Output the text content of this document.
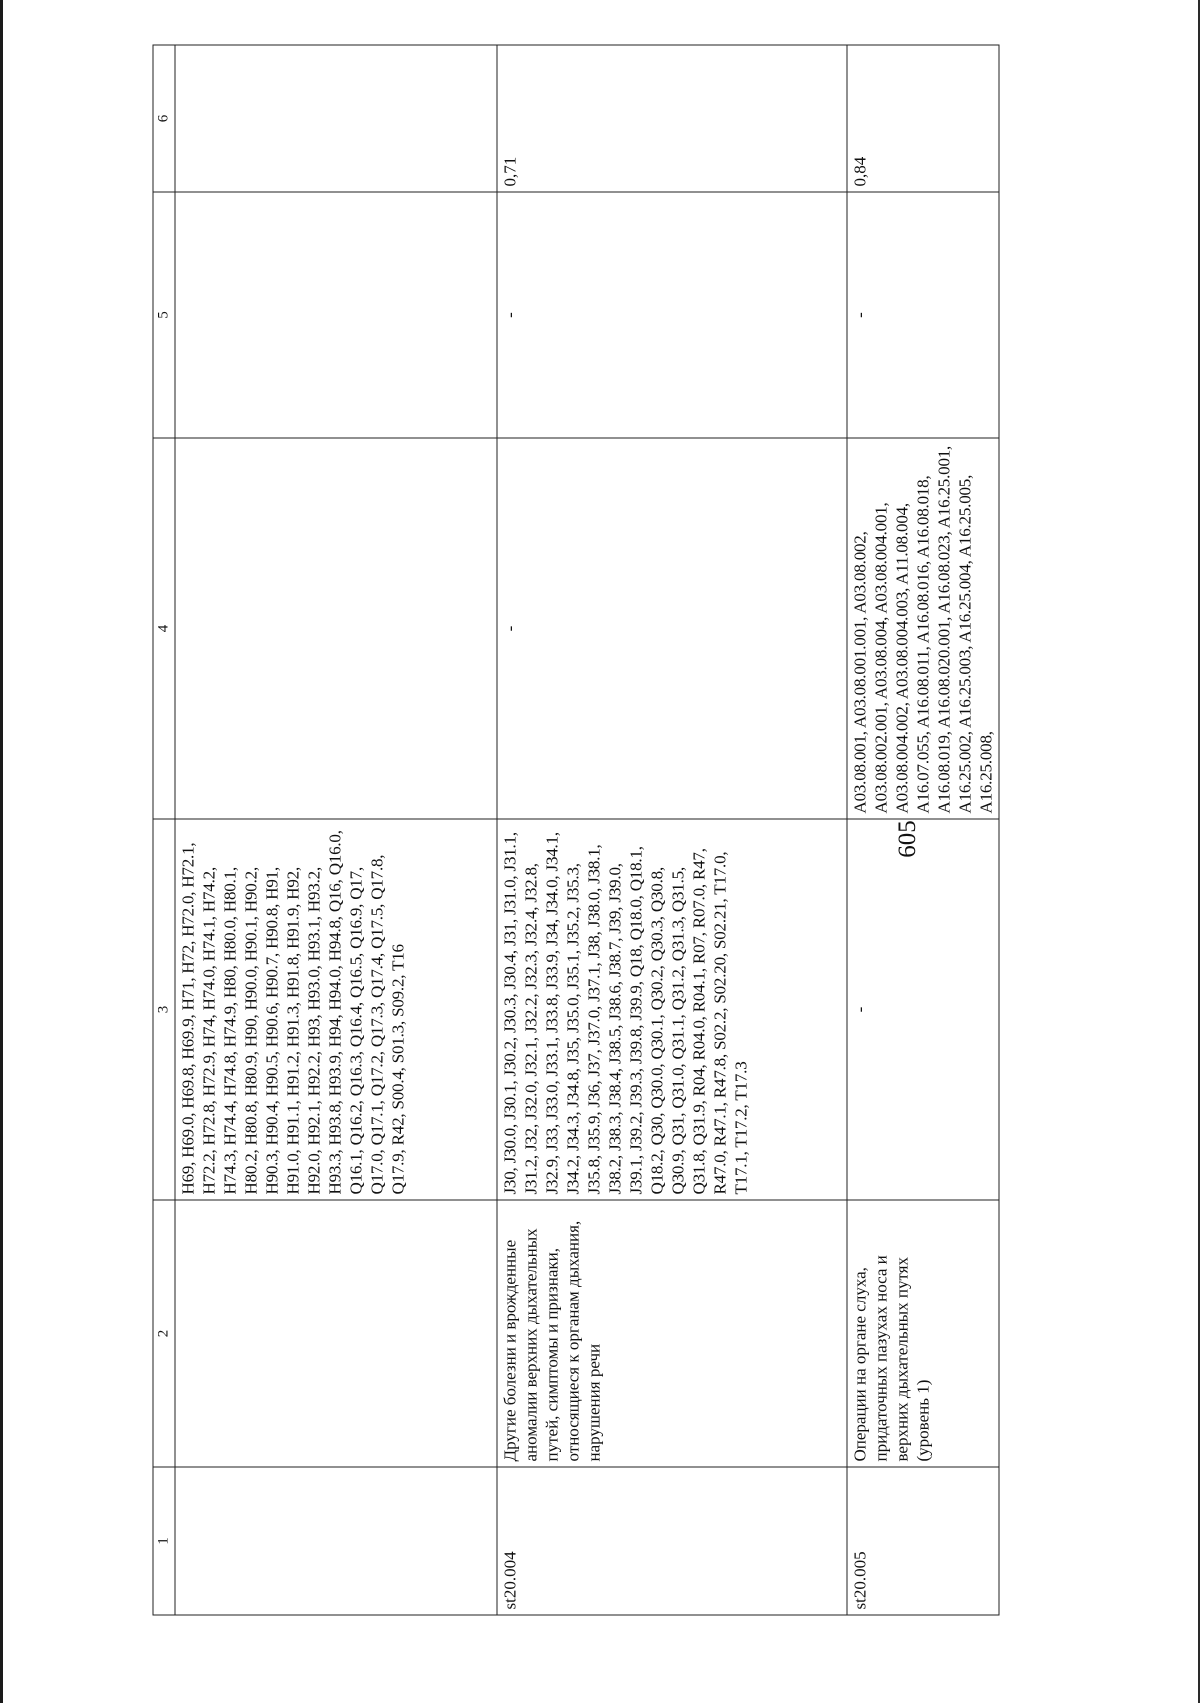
605
1	2	3	4	5	6
		H69, H69.0, H69.8, H69.9, H71, H72, H72.0, H72.1, H72.2, H72.8, H72.9, H74, H74.0, H74.1, H74.2, H74.3, H74.4, H74.8, H74.9, H80, H80.0, H80.1, H80.2, H80.8, H80.9, H90, H90.0, H90.1, H90.2, H90.3, H90.4, H90.5, H90.6, H90.7, H90.8, H91, H91.0, H91.1, H91.2, H91.3, H91.8, H91.9, H92, H92.0, H92.1, H92.2, H93, H93.0, H93.1, H93.2, H93.3, H93.8, H93.9, H94, H94.0, H94.8, Q16, Q16.0, Q16.1, Q16.2, Q16.3, Q16.4, Q16.5, Q16.9, Q17, Q17.0, Q17.1, Q17.2, Q17.3, Q17.4, Q17.5, Q17.8, Q17.9, R42, S00.4, S01.3, S09.2, T16			
st20.004	Другие болезни и врожденные аномалии верхних дыхательных путей, симптомы и признаки, относящиеся к органам дыхания, нарушения речи	J30, J30.0, J30.1, J30.2, J30.3, J30.4, J31, J31.0, J31.1, J31.2, J32, J32.0, J32.1, J32.2, J32.3, J32.4, J32.8, J32.9, J33, J33.0, J33.1, J33.8, J33.9, J34, J34.0, J34.1, J34.2, J34.3, J34.8, J35, J35.0, J35.1, J35.2, J35.3, J35.8, J35.9, J36, J37, J37.0, J37.1, J38, J38.0, J38.1, J38.2, J38.3, J38.4, J38.5, J38.6, J38.7, J39, J39.0, J39.1, J39.2, J39.3, J39.8, J39.9, Q18, Q18.0, Q18.1, Q18.2, Q30, Q30.0, Q30.1, Q30.2, Q30.3, Q30.8, Q30.9, Q31, Q31.0, Q31.1, Q31.2, Q31.3, Q31.5, Q31.8, Q31.9, R04, R04.0, R04.1, R07, R07.0, R47, R47.0, R47.1, R47.8, S02.2, S02.20, S02.21, T17.0, T17.1, T17.2, T17.3	-	-	0,71
st20.005	Операции на органе слуха, придаточных пазухах носа и верхних дыхательных путях (уровень 1)	-	A03.08.001, A03.08.001.001, A03.08.002, A03.08.002.001, A03.08.004, A03.08.004.001, A03.08.004.002, A03.08.004.003, A11.08.004, A16.07.055, A16.08.011, A16.08.016, A16.08.018, A16.08.019, A16.08.020.001, A16.08.023, A16.25.001, A16.25.002, A16.25.003, A16.25.004, A16.25.005, A16.25.008,	-	0,84
